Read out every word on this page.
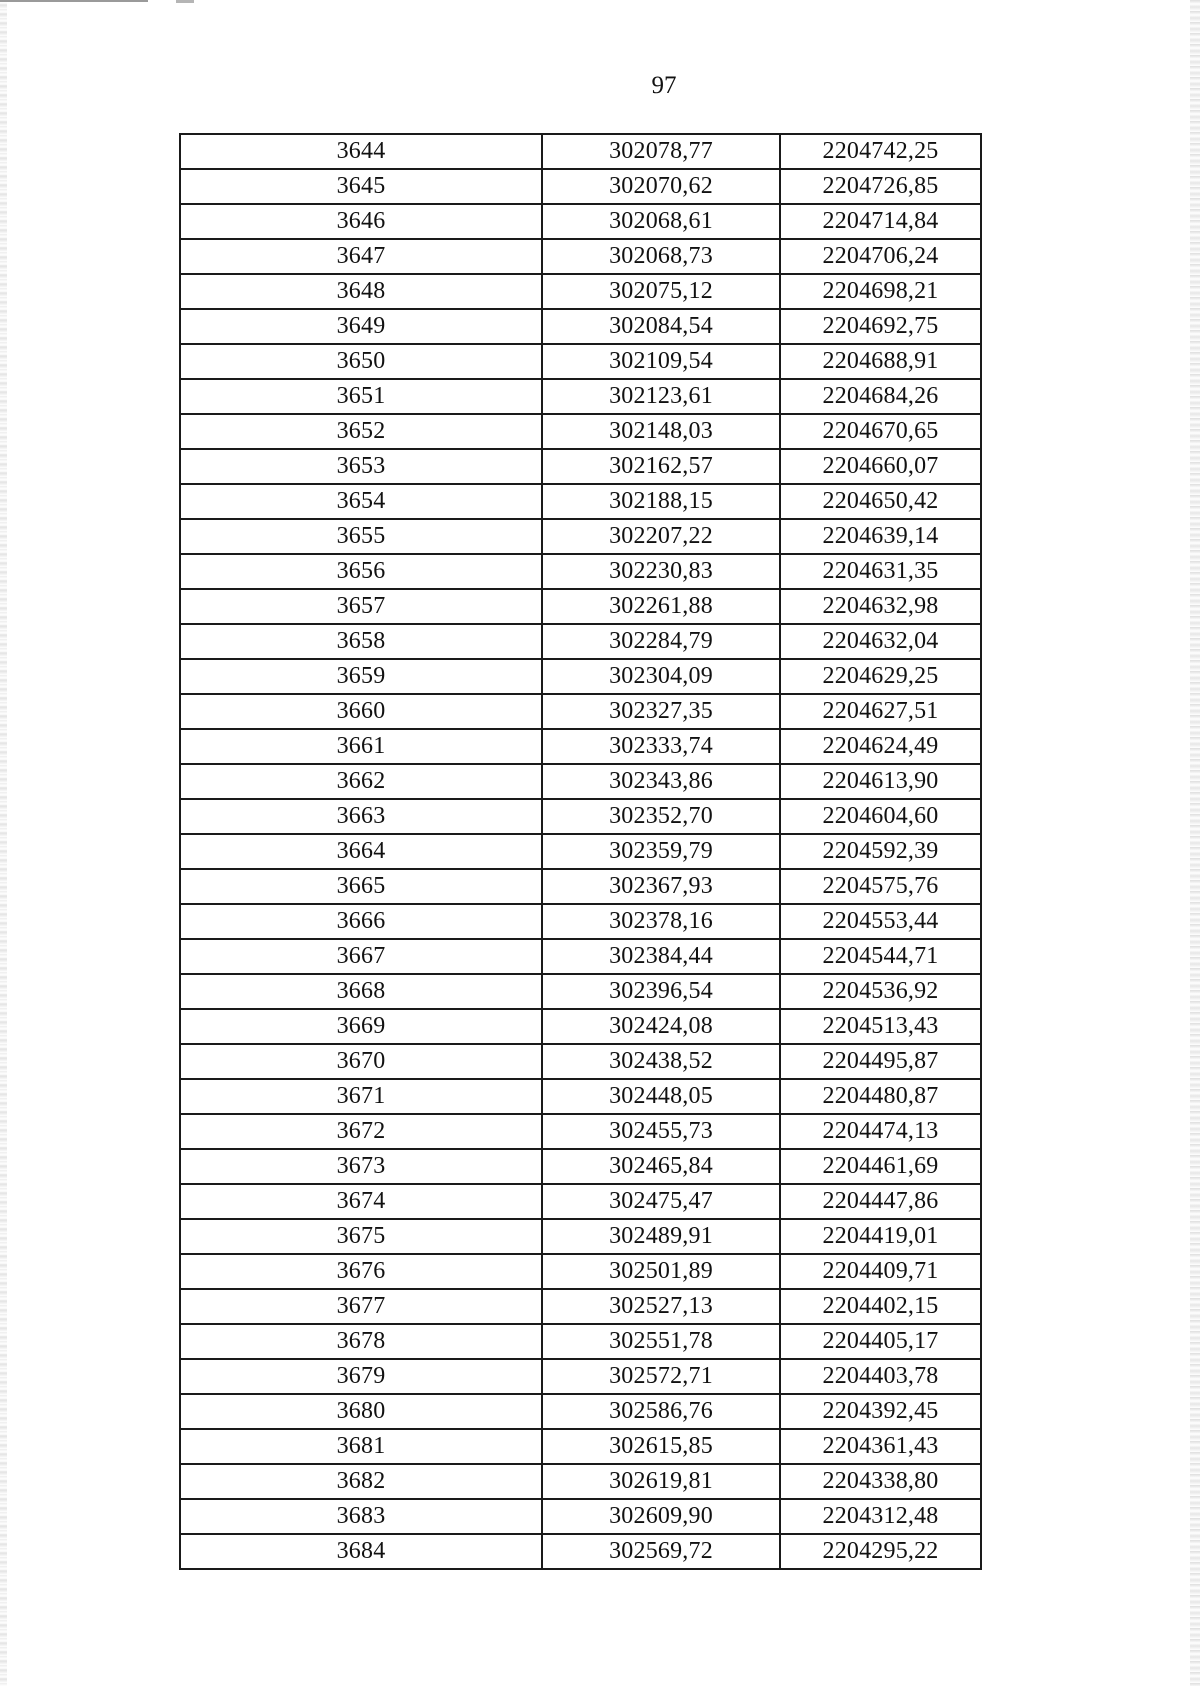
97
3644	302078,77	2204742,25
3645	302070,62	2204726,85
3646	302068,61	2204714,84
3647	302068,73	2204706,24
3648	302075,12	2204698,21
3649	302084,54	2204692,75
3650	302109,54	2204688,91
3651	302123,61	2204684,26
3652	302148,03	2204670,65
3653	302162,57	2204660,07
3654	302188,15	2204650,42
3655	302207,22	2204639,14
3656	302230,83	2204631,35
3657	302261,88	2204632,98
3658	302284,79	2204632,04
3659	302304,09	2204629,25
3660	302327,35	2204627,51
3661	302333,74	2204624,49
3662	302343,86	2204613,90
3663	302352,70	2204604,60
3664	302359,79	2204592,39
3665	302367,93	2204575,76
3666	302378,16	2204553,44
3667	302384,44	2204544,71
3668	302396,54	2204536,92
3669	302424,08	2204513,43
3670	302438,52	2204495,87
3671	302448,05	2204480,87
3672	302455,73	2204474,13
3673	302465,84	2204461,69
3674	302475,47	2204447,86
3675	302489,91	2204419,01
3676	302501,89	2204409,71
3677	302527,13	2204402,15
3678	302551,78	2204405,17
3679	302572,71	2204403,78
3680	302586,76	2204392,45
3681	302615,85	2204361,43
3682	302619,81	2204338,80
3683	302609,90	2204312,48
3684	302569,72	2204295,22
